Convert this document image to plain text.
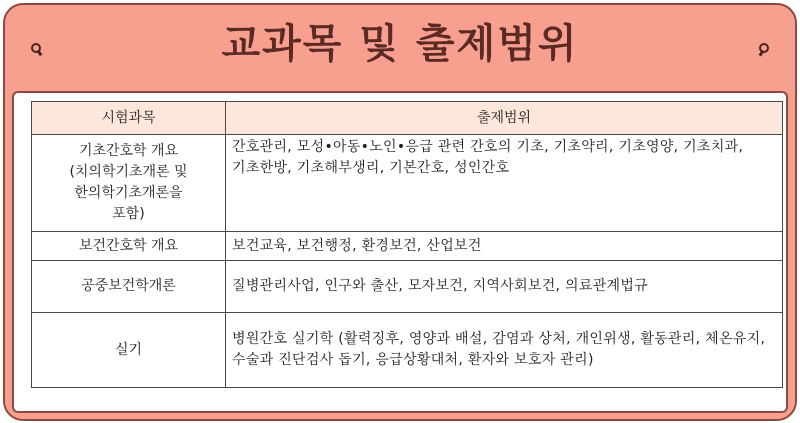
교과목 및 출제범위
시험과목	출제범위
기초간호학 개요
(치의학기초개론 및
한의학기초개론을
포함)	간호관리, 모성•아동•노인•응급 관련 간호의 기초, 기초약리, 기초영양, 기초치과, 기초한방, 기초해부생리, 기본간호, 성인간호
보건간호학 개요	보건교육, 보건행정, 환경보건, 산업보건
공중보건학개론	질병관리사업, 인구와 출산, 모자보건, 지역사회보건, 의료관계법규
실기	병원간호 실기학 (활력징후, 영양과 배설, 감염과 상처, 개인위생, 활동관리, 체온유지, 수술과 진단검사 돕기, 응급상황대처, 환자와 보호자 관리)
